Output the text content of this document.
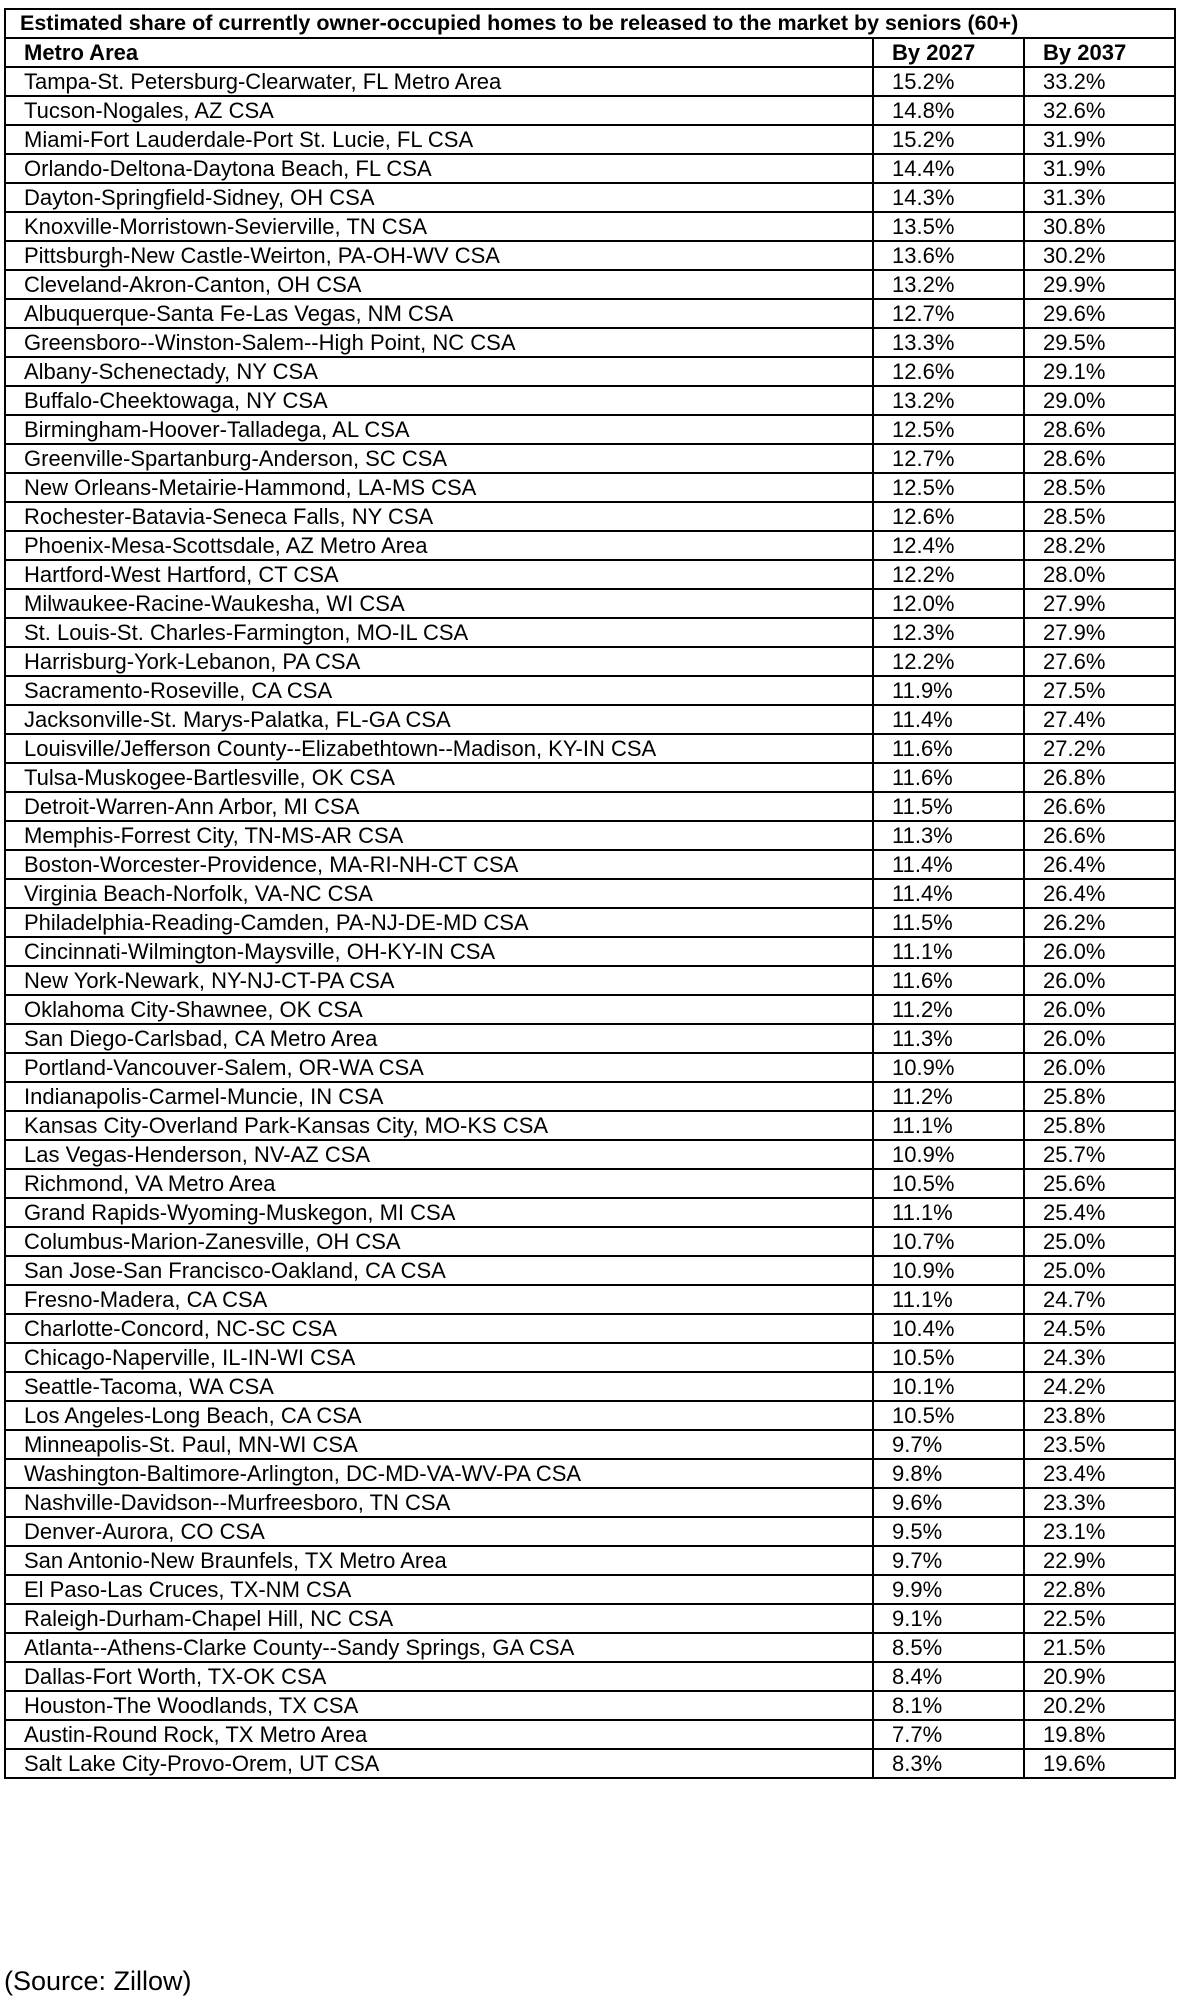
Estimated share of currently owner-occupied homes to be released to the market by seniors (60+)		
Metro Area	By 2027	By 2037
Tampa-St. Petersburg-Clearwater, FL Metro Area	15.2%	33.2%
Tucson-Nogales, AZ CSA	14.8%	32.6%
Miami-Fort Lauderdale-Port St. Lucie, FL CSA	15.2%	31.9%
Orlando-Deltona-Daytona Beach, FL CSA	14.4%	31.9%
Dayton-Springfield-Sidney, OH CSA	14.3%	31.3%
Knoxville-Morristown-Sevierville, TN CSA	13.5%	30.8%
Pittsburgh-New Castle-Weirton, PA-OH-WV CSA	13.6%	30.2%
Cleveland-Akron-Canton, OH CSA	13.2%	29.9%
Albuquerque-Santa Fe-Las Vegas, NM CSA	12.7%	29.6%
Greensboro--Winston-Salem--High Point, NC CSA	13.3%	29.5%
Albany-Schenectady, NY CSA	12.6%	29.1%
Buffalo-Cheektowaga, NY CSA	13.2%	29.0%
Birmingham-Hoover-Talladega, AL CSA	12.5%	28.6%
Greenville-Spartanburg-Anderson, SC CSA	12.7%	28.6%
New Orleans-Metairie-Hammond, LA-MS CSA	12.5%	28.5%
Rochester-Batavia-Seneca Falls, NY CSA	12.6%	28.5%
Phoenix-Mesa-Scottsdale, AZ Metro Area	12.4%	28.2%
Hartford-West Hartford, CT CSA	12.2%	28.0%
Milwaukee-Racine-Waukesha, WI CSA	12.0%	27.9%
St. Louis-St. Charles-Farmington, MO-IL CSA	12.3%	27.9%
Harrisburg-York-Lebanon, PA CSA	12.2%	27.6%
Sacramento-Roseville, CA CSA	11.9%	27.5%
Jacksonville-St. Marys-Palatka, FL-GA CSA	11.4%	27.4%
Louisville/Jefferson County--Elizabethtown--Madison, KY-IN CSA	11.6%	27.2%
Tulsa-Muskogee-Bartlesville, OK CSA	11.6%	26.8%
Detroit-Warren-Ann Arbor, MI CSA	11.5%	26.6%
Memphis-Forrest City, TN-MS-AR CSA	11.3%	26.6%
Boston-Worcester-Providence, MA-RI-NH-CT CSA	11.4%	26.4%
Virginia Beach-Norfolk, VA-NC CSA	11.4%	26.4%
Philadelphia-Reading-Camden, PA-NJ-DE-MD CSA	11.5%	26.2%
Cincinnati-Wilmington-Maysville, OH-KY-IN CSA	11.1%	26.0%
New York-Newark, NY-NJ-CT-PA CSA	11.6%	26.0%
Oklahoma City-Shawnee, OK CSA	11.2%	26.0%
San Diego-Carlsbad, CA Metro Area	11.3%	26.0%
Portland-Vancouver-Salem, OR-WA CSA	10.9%	26.0%
Indianapolis-Carmel-Muncie, IN CSA	11.2%	25.8%
Kansas City-Overland Park-Kansas City, MO-KS CSA	11.1%	25.8%
Las Vegas-Henderson, NV-AZ CSA	10.9%	25.7%
Richmond, VA Metro Area	10.5%	25.6%
Grand Rapids-Wyoming-Muskegon, MI CSA	11.1%	25.4%
Columbus-Marion-Zanesville, OH CSA	10.7%	25.0%
San Jose-San Francisco-Oakland, CA CSA	10.9%	25.0%
Fresno-Madera, CA CSA	11.1%	24.7%
Charlotte-Concord, NC-SC CSA	10.4%	24.5%
Chicago-Naperville, IL-IN-WI CSA	10.5%	24.3%
Seattle-Tacoma, WA CSA	10.1%	24.2%
Los Angeles-Long Beach, CA CSA	10.5%	23.8%
Minneapolis-St. Paul, MN-WI CSA	9.7%	23.5%
Washington-Baltimore-Arlington, DC-MD-VA-WV-PA CSA	9.8%	23.4%
Nashville-Davidson--Murfreesboro, TN CSA	9.6%	23.3%
Denver-Aurora, CO CSA	9.5%	23.1%
San Antonio-New Braunfels, TX Metro Area	9.7%	22.9%
El Paso-Las Cruces, TX-NM CSA	9.9%	22.8%
Raleigh-Durham-Chapel Hill, NC CSA	9.1%	22.5%
Atlanta--Athens-Clarke County--Sandy Springs, GA CSA	8.5%	21.5%
Dallas-Fort Worth, TX-OK CSA	8.4%	20.9%
Houston-The Woodlands, TX CSA	8.1%	20.2%
Austin-Round Rock, TX Metro Area	7.7%	19.8%
Salt Lake City-Provo-Orem, UT CSA	8.3%	19.6%
(Source: Zillow)
